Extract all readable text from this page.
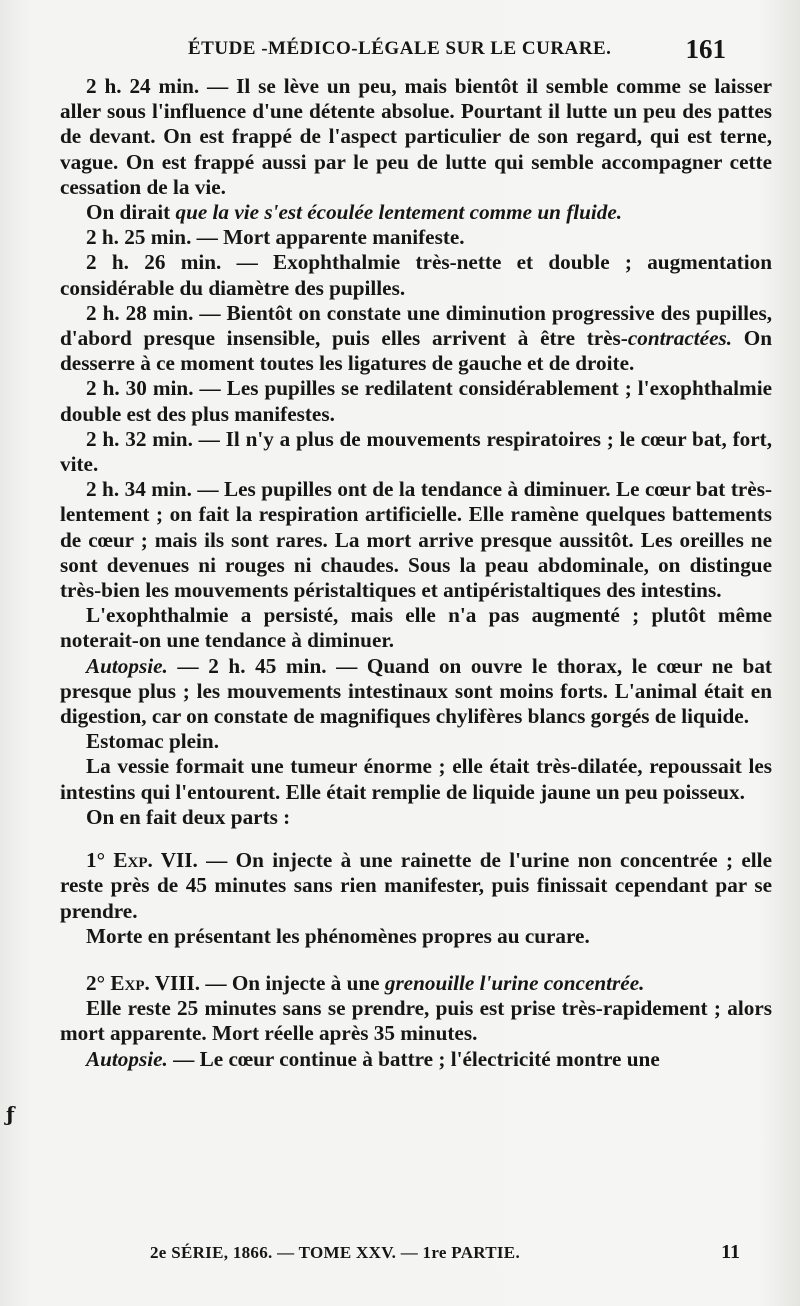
ÉTUDE -MÉDICO-LÉGALE SUR LE CURARE.	161

2 h. 24 min. — Il se lève un peu, mais bientôt il semble comme se laisser aller sous l'influence d'une détente absolue. Pourtant il lutte un peu des pattes de devant. On est frappé de l'aspect particulier de son regard, qui est terne, vague. On est frappé aussi par le peu de lutte qui semble accompagner cette cessation de la vie.

On dirait que la vie s'est écoulée lentement comme un fluide.

2 h. 25 min. — Mort apparente manifeste.

2 h. 26 min. — Exophthalmie très-nette et double ; augmentation considérable du diamètre des pupilles.

2 h. 28 min. — Bientôt on constate une diminution progressive des pupilles, d'abord presque insensible, puis elles arrivent à être très-contractées. On desserre à ce moment toutes les ligatures de gauche et de droite.

2 h. 30 min. — Les pupilles se redilatent considérablement ; l'exophthalmie double est des plus manifestes.

2 h. 32 min. — Il n'y a plus de mouvements respiratoires ; le cœur bat, fort, vite.

2 h. 34 min. — Les pupilles ont de la tendance à diminuer. Le cœur bat très-lentement ; on fait la respiration artificielle. Elle ramène quelques battements de cœur ; mais ils sont rares. La mort arrive presque aussitôt. Les oreilles ne sont devenues ni rouges ni chaudes. Sous la peau abdominale, on distingue très-bien les mouvements péristaltiques et antipéristaltiques des intestins.

L'exophthalmie a persisté, mais elle n'a pas augmenté ; plutôt même noterait-on une tendance à diminuer.

Autopsie. — 2 h. 45 min. — Quand on ouvre le thorax, le cœur ne bat presque plus ; les mouvements intestinaux sont moins forts. L'animal était en digestion, car on constate de magnifiques chylifères blancs gorgés de liquide.

Estomac plein.

La vessie formait une tumeur énorme ; elle était très-dilatée, repoussait les intestins qui l'entourent. Elle était remplie de liquide jaune un peu poisseux.

On en fait deux parts :

1° Exp. VII. — On injecte à une rainette de l'urine non concentrée ; elle reste près de 45 minutes sans rien manifester, puis finissait cependant par se prendre.

Morte en présentant les phénomènes propres au curare.

2° Exp. VIII. — On injecte à une grenouille l'urine concentrée.

Elle reste 25 minutes sans se prendre, puis est prise très-rapidement ; alors mort apparente. Mort réelle après 35 minutes.

Autopsie. — Le cœur continue à battre ; l'électricité montre une

2e SÉRIE, 1866. — TOME XXV. — 1re PARTIE.	11
ƒ
